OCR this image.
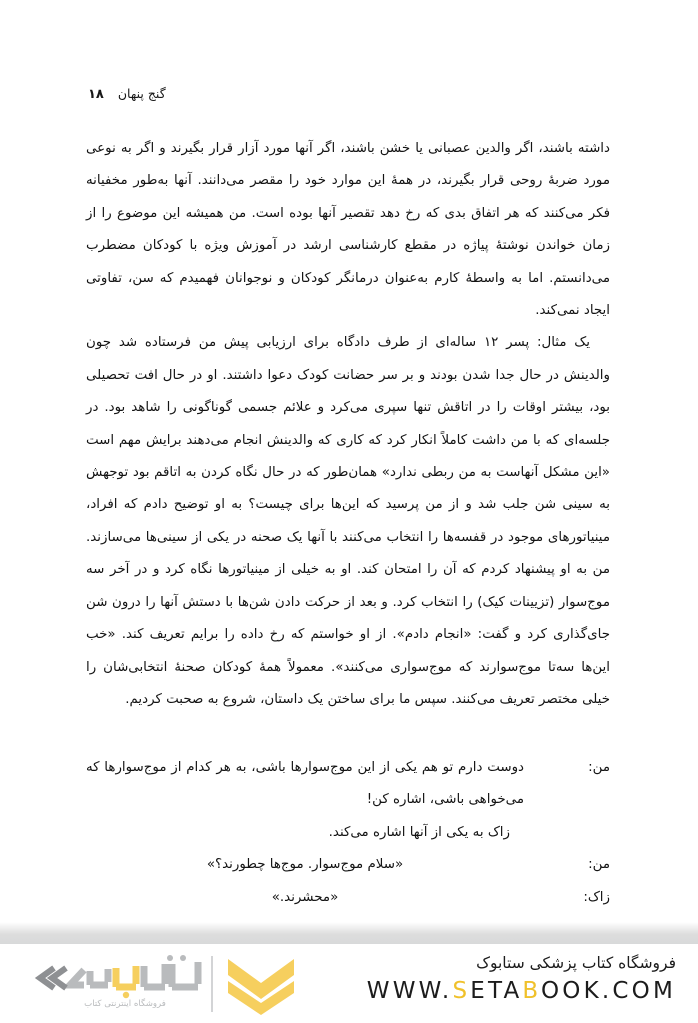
گنج پنهان
۱۸

داشته باشند، اگر والدین عصبانی یا خشن باشند، اگر آنها مورد آزار قرار بگیرند و اگر به نوعی مورد ضربهٔ روحی قرار بگیرند، در همهٔ این موارد خود را مقصر می‌دانند. آنها به‌طور مخفیانه فکر می‌کنند که هر اتفاق بدی که رخ دهد تقصیر آنها بوده است. من همیشه این موضوع را از زمان خواندن نوشتهٔ پیاژه در مقطع کارشناسی ارشد در آموزش ویژه با کودکان مضطرب می‌دانستم. اما به واسطهٔ کارم به‌عنوان درمانگر کودکان و نوجوانان فهمیدم که سن، تفاوتی ایجاد نمی‌کند.

یک مثال: پسر ۱۲ ساله‌ای از طرف دادگاه برای ارزیابی پیش من فرستاده شد چون والدینش در حال جدا شدن بودند و بر سر حضانت کودک دعوا داشتند. او در حال افت تحصیلی بود، بیشتر اوقات را در اتاقش تنها سپری می‌کرد و علائم جسمی گوناگونی را شاهد بود. در جلسه‌ای که با من داشت کاملاً انکار کرد که کاری که والدینش انجام می‌دهند برایش مهم است «این مشکل آنهاست به من ربطی ندارد» همان‌طور که در حال نگاه کردن به اتاقم بود توجهش به سینی شن جلب شد و از من پرسید که این‌ها برای چیست؟ به او توضیح دادم که افراد، مینیاتورهای موجود در قفسه‌ها را انتخاب می‌کنند با آنها یک صحنه در یکی از سینی‌ها می‌سازند. من به او پیشنهاد کردم که آن را امتحان کند. او به خیلی از مینیاتورها نگاه کرد و در آخر سه موج‌سوار (تزیینات کیک) را انتخاب کرد. و بعد از حرکت دادن شن‌ها با دستش آنها را درون شن جای‌گذاری کرد و گفت: «انجام دادم». از او خواستم که رخ داده را برایم تعریف کند. «خب این‌ها سه‌تا موج‌سوارند که موج‌سواری می‌کنند». معمولاً همهٔ کودکان صحنهٔ انتخابی‌شان را خیلی مختصر تعریف می‌کنند. سپس ما برای ساختن یک داستان، شروع به صحبت کردیم.

من:
دوست دارم تو هم یکی از این موج‌سوارها باشی، به هر کدام از موج‌سوارها که می‌خواهی باشی، اشاره کن!
زاک به یکی از آنها اشاره می‌کند.
من:
«سلام موج‌سوار. موج‌ها چطورند؟»
زاک:
«محشرند.»
فروشگاه اینترنتی کتاب
فروشگاه کتاب پزشکی ستابوک
WWW.SETABOOK.COM
